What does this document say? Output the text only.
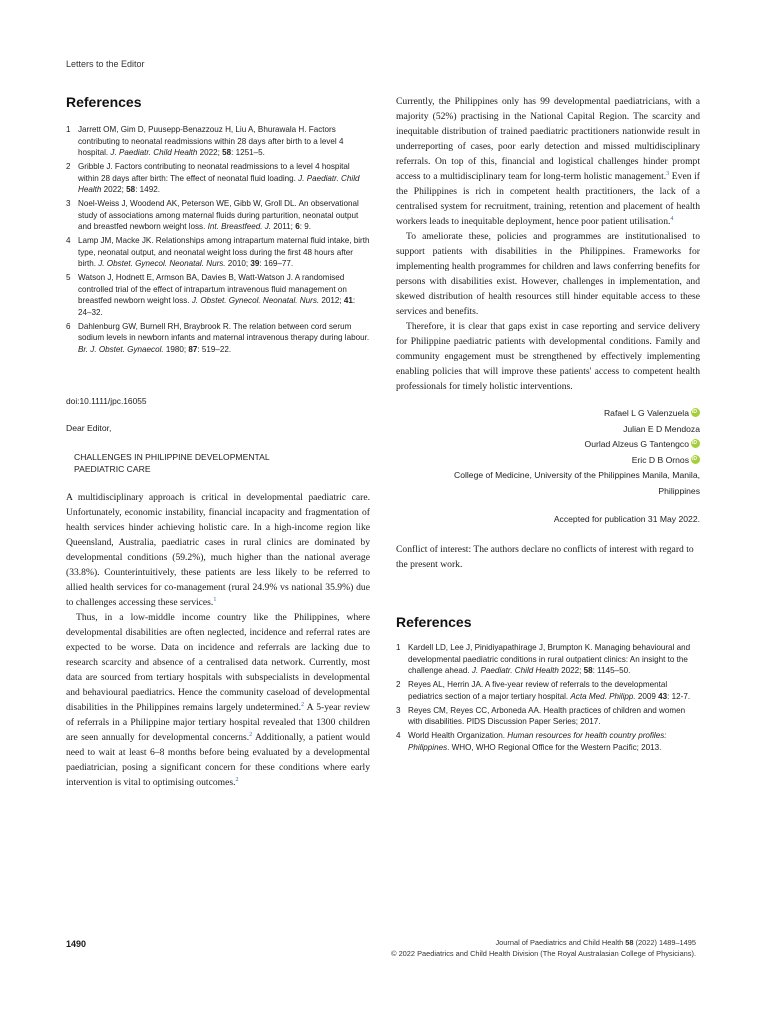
Letters to the Editor
References
1 Jarrett OM, Gim D, Puusepp-Benazzouz H, Liu A, Bhurawala H. Factors contributing to neonatal readmissions within 28 days after birth to a level 4 hospital. J. Paediatr. Child Health 2022; 58: 1251–5.
2 Gribble J. Factors contributing to neonatal readmissions to a level 4 hospital within 28 days after birth: The effect of neonatal fluid loading. J. Paediatr. Child Health 2022; 58: 1492.
3 Noel-Weiss J, Woodend AK, Peterson WE, Gibb W, Groll DL. An observational study of associations among maternal fluids during parturition, neonatal output and breastfed newborn weight loss. Int. Breastfeed. J. 2011; 6: 9.
4 Lamp JM, Macke JK. Relationships among intrapartum maternal fluid intake, birth type, neonatal output, and neonatal weight loss during the first 48 hours after birth. J. Obstet. Gynecol. Neonatal. Nurs. 2010; 39: 169–77.
5 Watson J, Hodnett E, Armson BA, Davies B, Watt-Watson J. A randomised controlled trial of the effect of intrapartum intravenous fluid management on breastfed newborn weight loss. J. Obstet. Gynecol. Neonatal. Nurs. 2012; 41: 24–32.
6 Dahlenburg GW, Burnell RH, Braybrook R. The relation between cord serum sodium levels in newborn infants and maternal intravenous therapy during labour. Br. J. Obstet. Gynaecol. 1980; 87: 519–22.
doi:10.1111/jpc.16055
Dear Editor,
CHALLENGES IN PHILIPPINE DEVELOPMENTAL PAEDIATRIC CARE

A multidisciplinary approach is critical in developmental paediatric care. Unfortunately, economic instability, financial incapacity and fragmentation of health services hinder achieving holistic care. In a high-income region like Queensland, Australia, paediatric cases in rural clinics are dominated by developmental conditions (59.2%), much higher than the national average (33.8%). Counterintuitively, these patients are less likely to be referred to allied health services for co-management (rural 24.9% vs national 35.9%) due to challenges accessing these services.$^1$

Thus, in a low-middle income country like the Philippines, where developmental disabilities are often neglected, incidence and referral rates are expected to be worse. Data on incidence and referrals are lacking due to research scarcity and absence of a centralised data network. Currently, most data are sourced from tertiary hospitals with subspecialists in developmental and behavioural paediatrics. Hence the community caseload of developmental disabilities in the Philippines remains largely undetermined.$^2$ A 5-year review of referrals in a Philippine major tertiary hospital revealed that 1300 children are seen annually for developmental concerns.$^2$ Additionally, a patient would need to wait at least 6–8 months before being evaluated by a developmental paediatrician, posing a significant concern for these conditions where early intervention is vital to optimising outcomes.$^2$

Currently, the Philippines only has 99 developmental paediatricians, with a majority (52%) practising in the National Capital Region. The scarcity and inequitable distribution of trained paediatric practitioners nationwide result in underreporting of cases, poor early detection and missed multidisciplinary referrals. On top of this, financial and logistical challenges hinder prompt access to a multidisciplinary team for long-term holistic management.$^3$ Even if the Philippines is rich in competent health practitioners, the lack of a centralised system for recruitment, training, retention and placement of health workers leads to inequitable deployment, hence poor patient utilisation.$^4$

To ameliorate these, policies and programmes are institutionalised to support patients with disabilities in the Philippines. Frameworks for implementing health programmes for children and laws conferring benefits for persons with disabilities exist. However, challenges in implementation, and skewed distribution of health resources still hinder equitable access to these services and benefits.

Therefore, it is clear that gaps exist in case reporting and service delivery for Philippine paediatric patients with developmental conditions. Family and community engagement must be strengthened by effectively implementing enabling policies that will improve these patients' access to competent health professionals for timely holistic interventions.

Rafael L G ValenzuelaiD
Julian E D Mendoza
Ourlad Alzeus G TantengcoiD
Eric D B OrnosiD
College of Medicine, University of the Philippines Manila, Manila, Philippines
Accepted for publication 31 May 2022.

Conflict of interest: The authors declare no conflicts of interest with regard to the present work.

References
1 Kardell LD, Lee J, Pinidiyapathirage J, Brumpton K. Managing behavioural and developmental paediatric conditions in rural outpatient clinics: An insight to the challenge ahead. J. Paediatr. Child Health 2022; 58: 1145–50.
2 Reyes AL, Herrin JA. A five-year review of referrals to the developmental pediatrics section of a major tertiary hospital. Acta Med. Philipp. 2009 43: 12-7.
3 Reyes CM, Reyes CC, Arboneda AA. Health practices of children and women with disabilities. PIDS Discussion Paper Series; 2017.
4 World Health Organization. Human resources for health country profiles: Philippines. WHO, WHO Regional Office for the Western Pacific; 2013.
1490	Journal of Paediatrics and Child Health 58 (2022) 1489–1495
© 2022 Paediatrics and Child Health Division (The Royal Australasian College of Physicians).
